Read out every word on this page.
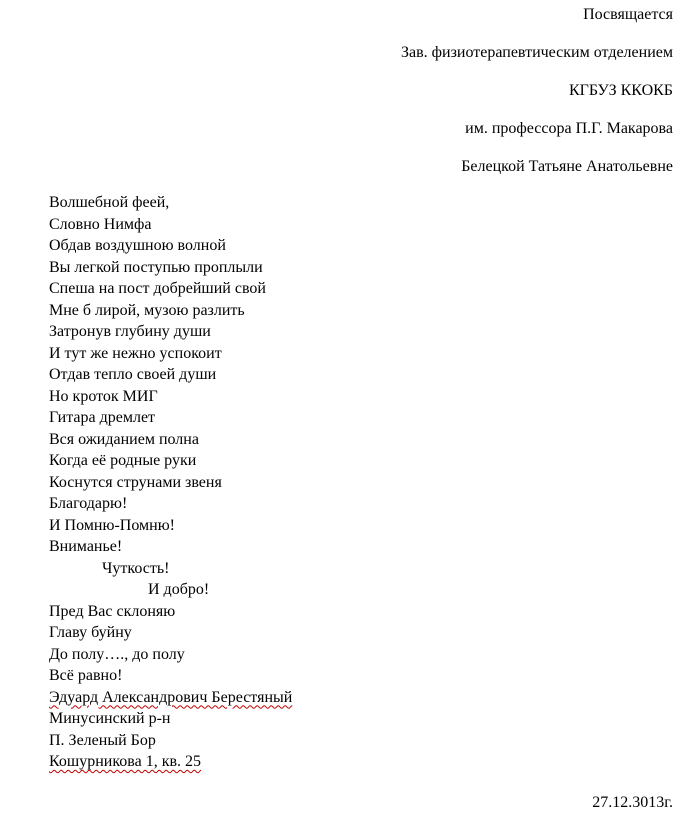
Посвящается
Зав. физиотерапевтическим отделением
КГБУЗ ККОКБ
им. профессора П.Г. Макарова
Белецкой Татьяне Анатольевне
Волшебной феей,
Словно Нимфа
Обдав воздушною волной
Вы легкой поступью проплыли
Спеша на пост добрейший свой
Мне б лирой, музою разлить
Затронув глубину души
И тут же нежно успокоит
Отдав тепло своей души
Но кроток МИГ
Гитара дремлет
Вся ожиданием полна
Когда её родные руки
Коснутся струнами звеня
Благодарю!
И Помню-Помню!
Вниманье!
Чуткость!
И добро!
Пред Вас склоняю
Главу буйну
До полу…., до полу
Всё равно!
Эдуард Александрович Берестяный
Минусинский р-н
П. Зеленый Бор
Кошурникова 1, кв. 25
27.12.3013г.
